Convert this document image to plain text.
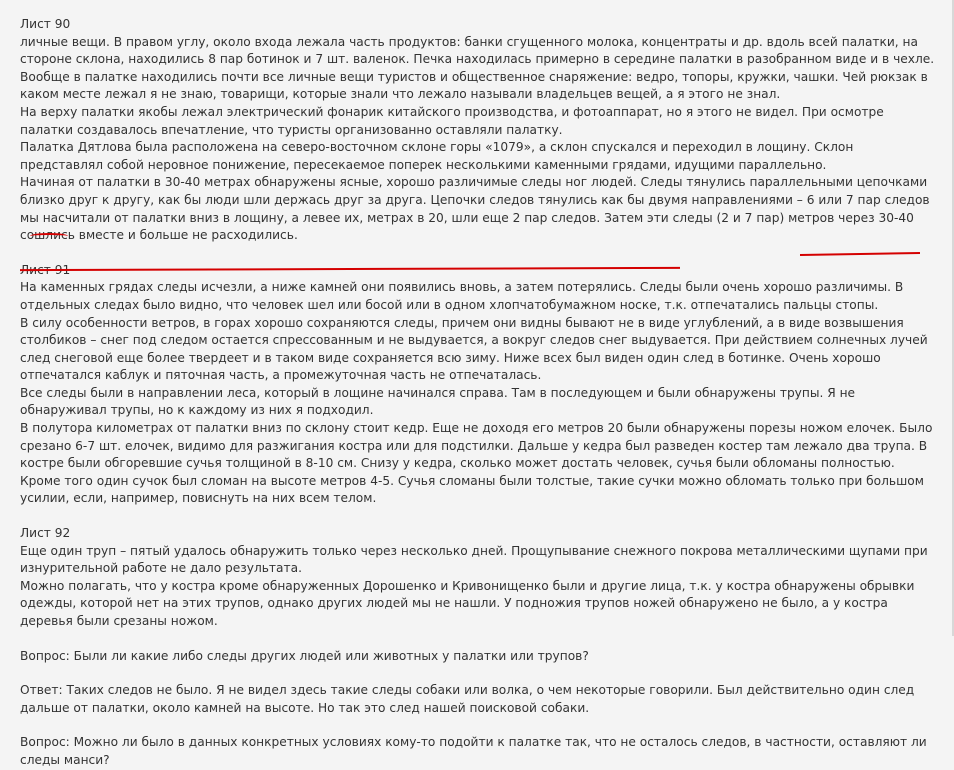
Лист 90

личные вещи. В правом углу, около входа лежала часть продуктов: банки сгущенного молока, концентраты и др. вдоль всей палатки, на стороне склона, находились 8 пар ботинок и 7 шт. валенок. Печка находилась примерно в середине палатки в разобранном виде и в чехле. Вообще в палатке находились почти все личные вещи туристов и общественное снаряжение: ведро, топоры, кружки, чашки. Чей рюкзак в каком месте лежал я не знаю, товарищи, которые знали что лежало называли владельцев вещей, а я этого не знал.

На верху палатки якобы лежал электрический фонарик китайского производства, и фотоаппарат, но я этого не видел. При осмотре палатки создавалось впечатление, что туристы организованно оставляли палатку.

Палатка Дятлова была расположена на северо-восточном склоне горы «1079», а склон спускался и переходил в лощину. Склон представлял собой неровное понижение, пересекаемое поперек несколькими каменными грядами, идущими параллельно.

Начиная от палатки в 30-40 метрах обнаружены ясные, хорошо различимые следы ног людей. Следы тянулись параллельными цепочками близко друг к другу, как бы люди шли держась друг за друга. Цепочки следов тянулись как бы двумя направлениями – 6 или 7 пар следов мы насчитали от палатки вниз в лощину, а левее их, метрах в 20, шли еще 2 пар следов. Затем эти следы (2 и 7 пар) метров через 30-40 сошлись вместе и больше не расходились.

Лист 91

На каменных грядах следы исчезли, а ниже камней они появились вновь, а затем потерялись. Следы были очень хорошо различимы. В отдельных следах было видно, что человек шел или босой или в одном хлопчатобумажном носке, т.к. отпечатались пальцы стопы.

В силу особенности ветров, в горах хорошо сохраняются следы, причем они видны бывают не в виде углублений, а в виде возвышения столбиков – снег под следом остается спрессованным и не выдувается, а вокруг следов снег выдувается. При действием солнечных лучей след снеговой еще более твердеет и в таком виде сохраняется всю зиму. Ниже всех был виден один след в ботинке. Очень хорошо отпечатался каблук и пяточная часть, а промежуточная часть не отпечаталась.

Все следы были в направлении леса, который в лощине начинался справа. Там в последующем и были обнаружены трупы. Я не обнаруживал трупы, но к каждому из них я подходил.

В полутора километрах от палатки вниз по склону стоит кедр. Еще не доходя его метров 20 были обнаружены порезы ножом елочек. Было срезано 6-7 шт. елочек, видимо для разжигания костра или для подстилки. Дальше у кедра был разведен костер там лежало два трупа. В костре были обгоревшие сучья толщиной в 8-10 см. Снизу у кедра, сколько может достать человек, сучья были обломаны полностью. Кроме того один сучок был сломан на высоте метров 4-5. Сучья сломаны были толстые, такие сучки можно обломать только при большом усилии, если, например, повиснуть на них всем телом.

Лист 92

Еще один труп – пятый удалось обнаружить только через несколько дней. Прощупывание снежного покрова металлическими щупами при изнурительной работе не дало результата.

Можно полагать, что у костра кроме обнаруженных Дорошенко и Кривонищенко были и другие лица, т.к. у костра обнаружены обрывки одежды, которой нет на этих трупов, однако других людей мы не нашли. У подножия трупов ножей обнаружено не было, а у костра деревья были срезаны ножом.

Вопрос: Были ли какие либо следы других людей или животных у палатки или трупов?

Ответ: Таких следов не было. Я не видел здесь такие следы собаки или волка, о чем некоторые говорили. Был действительно один след дальше от палатки, около камней на высоте. Но так это след нашей поисковой собаки.

Вопрос: Можно ли было в данных конкретных условиях кому-то подойти к палатке так, что не осталось следов, в частности, оставляют ли следы манси?
